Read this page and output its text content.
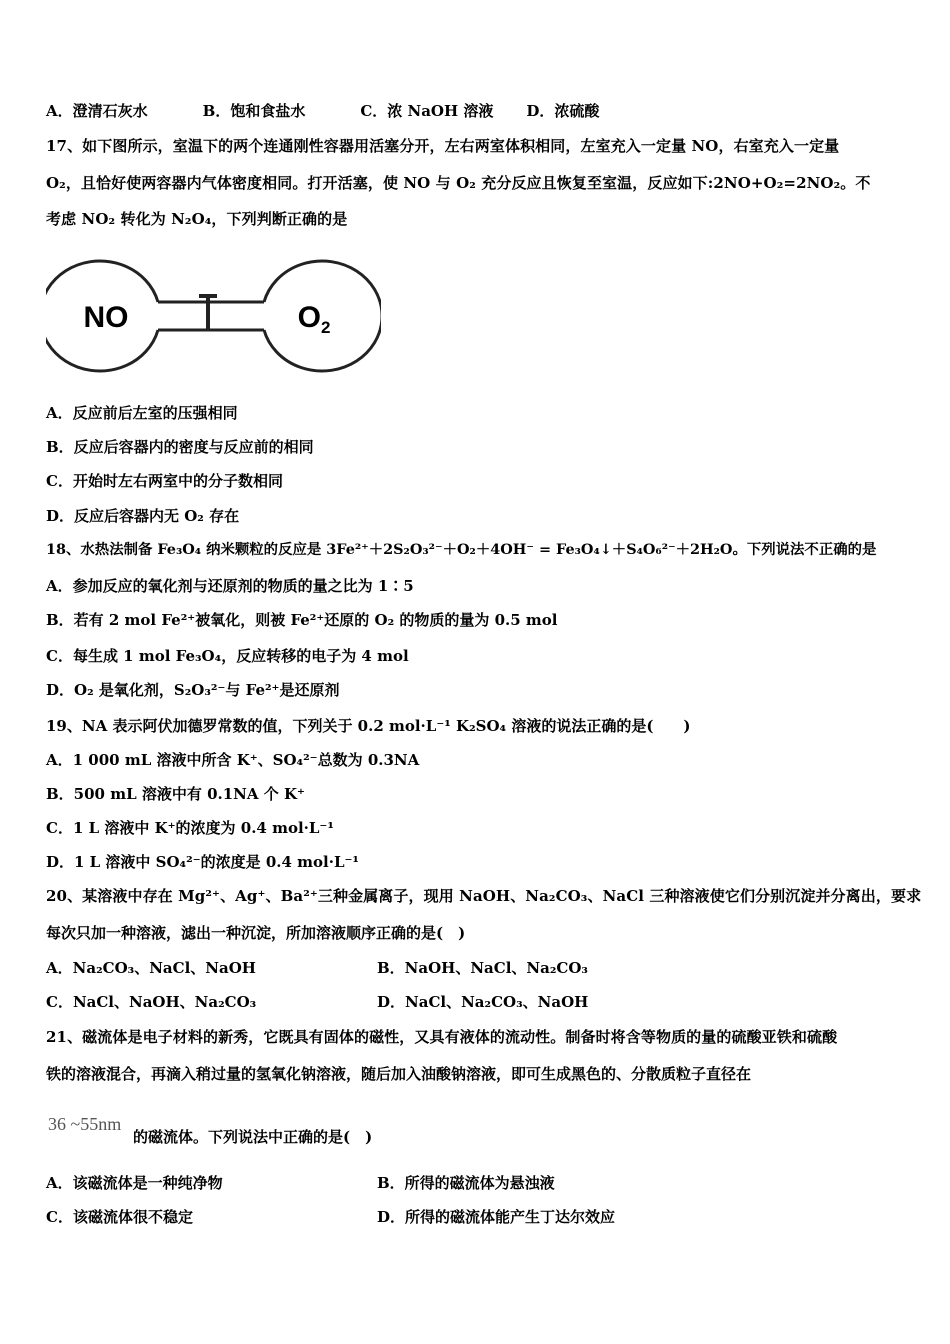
A．澄清石灰水	B．饱和食盐水	C．浓 NaOH 溶液 D．浓硫酸
17、如下图所示，室温下的两个连通刚性容器用活塞分开，左右两室体积相同，左室充入一定量 NO，右室充入一定量
O₂，且恰好使两容器内气体密度相同。打开活塞，使 NO 与 O₂ 充分反应且恢复至室温，反应如下:2NO+O₂=2NO₂。不
考虑 NO₂ 转化为 N₂O₄，下列判断正确的是
NO	$O_2$
A．反应前后左室的压强相同
B．反应后容器内的密度与反应前的相同
C．开始时左右两室中的分子数相同
D．反应后容器内无 O₂ 存在
18、水热法制备 Fe₃O₄ 纳米颗粒的反应是 3Fe²⁺＋2S₂O₃²⁻＋O₂＋4OH⁻ = Fe₃O₄↓＋S₄O₆²⁻＋2H₂O。下列说法不正确的是
A．参加反应的氧化剂与还原剂的物质的量之比为 1∶5
B．若有 2 mol Fe²⁺被氧化，则被 Fe²⁺还原的 O₂ 的物质的量为 0.5 mol
C．每生成 1 mol Fe₃O₄，反应转移的电子为 4 mol
D．O₂ 是氧化剂，S₂O₃²⁻与 Fe²⁺是还原剂
19、NA 表示阿伏加德罗常数的值，下列关于 0.2 mol·L⁻¹ K₂SO₄ 溶液的说法正确的是(　　)
A．1 000 mL 溶液中所含 K⁺、SO₄²⁻总数为 0.3NA
B．500 mL 溶液中有 0.1NA 个 K⁺
C．1 L 溶液中 K⁺的浓度为 0.4 mol·L⁻¹
D．1 L 溶液中 SO₄²⁻的浓度是 0.4 mol·L⁻¹
20、某溶液中存在 Mg²⁺、Ag⁺、Ba²⁺三种金属离子，现用 NaOH、Na₂CO₃、NaCl 三种溶液使它们分别沉淀并分离出，要求
每次只加一种溶液，滤出一种沉淀，所加溶液顺序正确的是(　)
A．Na₂CO₃、NaCl、NaOH	B．NaOH、NaCl、Na₂CO₃
C．NaCl、NaOH、Na₂CO₃	D．NaCl、Na₂CO₃、NaOH
21、磁流体是电子材料的新秀，它既具有固体的磁性，又具有液体的流动性。制备时将含等物质的量的硫酸亚铁和硫酸
铁的溶液混合，再滴入稍过量的氢氧化钠溶液，随后加入油酸钠溶液，即可生成黑色的、分散质粒子直径在
36 ~55nm
的磁流体。下列说法中正确的是(　)
A．该磁流体是一种纯净物	B．所得的磁流体为悬浊液
C．该磁流体很不稳定	D．所得的磁流体能产生丁达尔效应
